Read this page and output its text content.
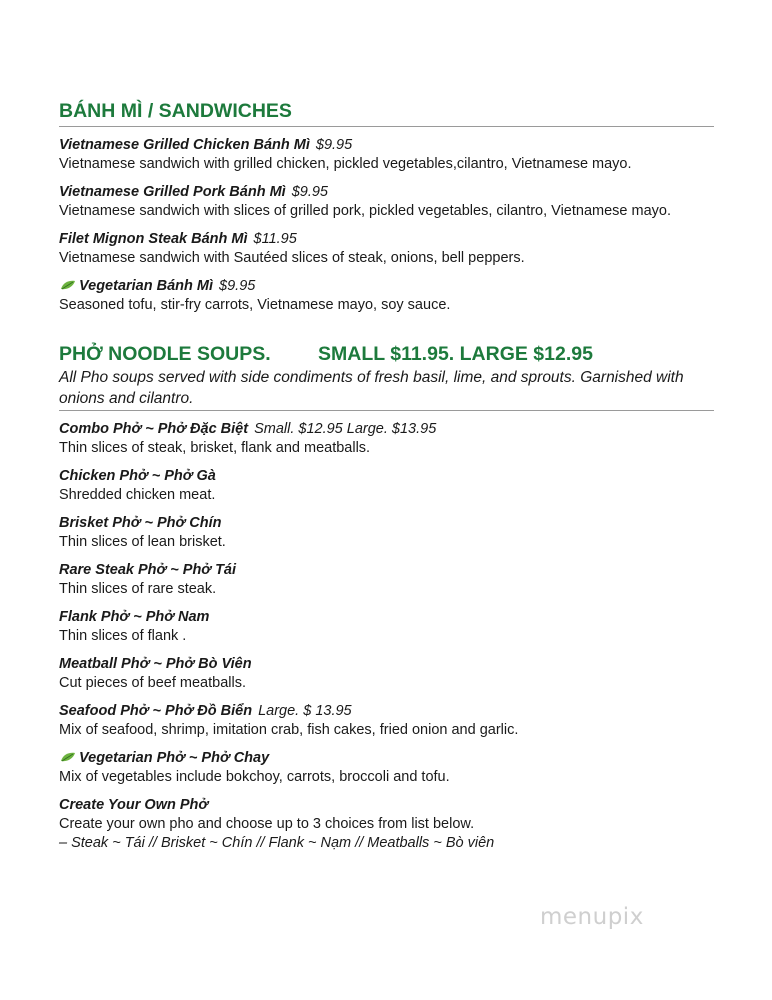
BÁNH MÌ / SANDWICHES
Vietnamese Grilled Chicken Bánh Mì $9.95
Vietnamese sandwich with grilled chicken, pickled vegetables,cilantro, Vietnamese mayo.
Vietnamese Grilled Pork Bánh Mì $9.95
Vietnamese sandwich with slices of grilled pork, pickled vegetables, cilantro, Vietnamese mayo.
Filet Mignon Steak Bánh Mì $11.95
Vietnamese sandwich with Sautéed slices of steak, onions, bell peppers.
Vegetarian Bánh Mì $9.95
Seasoned tofu, stir-fry carrots, Vietnamese mayo, soy sauce.
PHỞ NOODLE SOUPS. SMALL $11.95. LARGE $12.95
All Pho soups served with side condiments of fresh basil, lime, and sprouts. Garnished with onions and cilantro.
Combo Phở ~ Phở Đặc Biệt Small. $12.95 Large. $13.95
Thin slices of steak, brisket, flank and meatballs.
Chicken Phở ~ Phở Gà
Shredded chicken meat.
Brisket Phở ~ Phở Chín
Thin slices of lean brisket.
Rare Steak Phở ~ Phở Tái
Thin slices of rare steak.
Flank Phở ~ Phở Nam
Thin slices of flank .
Meatball Phở ~ Phở Bò Viên
Cut pieces of beef meatballs.
Seafood Phở ~ Phở Đồ Biển Large. $ 13.95
Mix of seafood, shrimp, imitation crab, fish cakes, fried onion and garlic.
Vegetarian Phở ~ Phở Chay
Mix of vegetables include bokchoy, carrots, broccoli and tofu.
Create Your Own Phở
Create your own pho and choose up to 3 choices from list below.
– Steak ~ Tái // Brisket ~ Chín // Flank ~ Nạm // Meatballs ~ Bò viên
menupix
